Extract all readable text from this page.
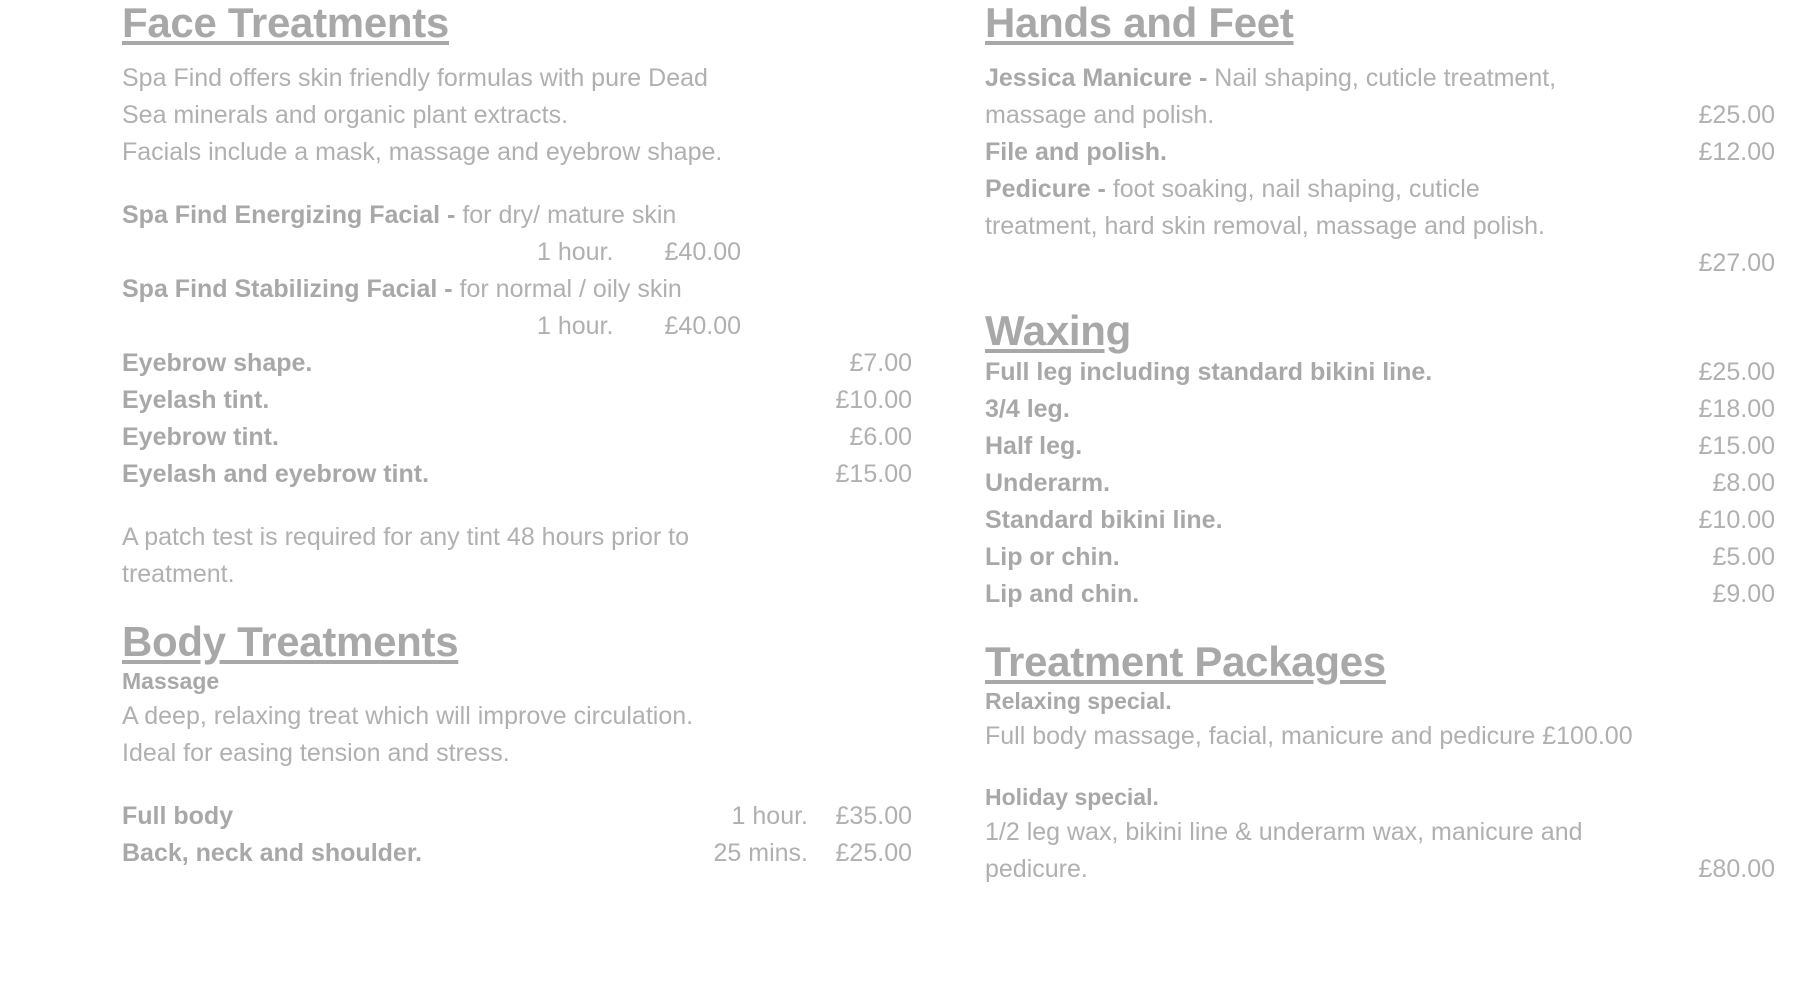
Face Treatments

Spa Find offers skin friendly formulas with pure Dead

Sea minerals and organic plant extracts.

Facials include a mask, massage and eyebrow shape.

Spa Find Energizing Facial - for dry/ mature skin
1 hour.	£40.00
Spa Find Stabilizing Facial - for normal / oily skin
1 hour.	£40.00
Eyebrow shape.	£7.00
Eyelash tint.	£10.00
Eyebrow tint.	£6.00
Eyelash and eyebrow tint.	£15.00

A patch test is required for any tint 48 hours prior to

treatment.

Body Treatments
Massage

A deep, relaxing treat which will improve circulation.

Ideal for easing tension and stress.

Full body	1 hour.	£35.00
Back, neck and shoulder.	25 mins.	£25.00
Hands and Feet
Jessica Manicure - Nail shaping, cuticle treatment,
massage and polish.	£25.00
File and polish.	£12.00
Pedicure - foot soaking, nail shaping, cuticle
treatment, hard skin removal, massage and polish.
£27.00
Waxing
Full leg including standard bikini line.	£25.00
3/4 leg.	£18.00
Half leg.	£15.00
Underarm.	£8.00
Standard bikini line.	£10.00
Lip or chin.	£5.00
Lip and chin.	£9.00
Treatment Packages
Relaxing special.
Full body massage, facial, manicure and pedicure £100.00
Holiday special.
1/2 leg wax, bikini line & underarm wax, manicure and
pedicure.	£80.00
